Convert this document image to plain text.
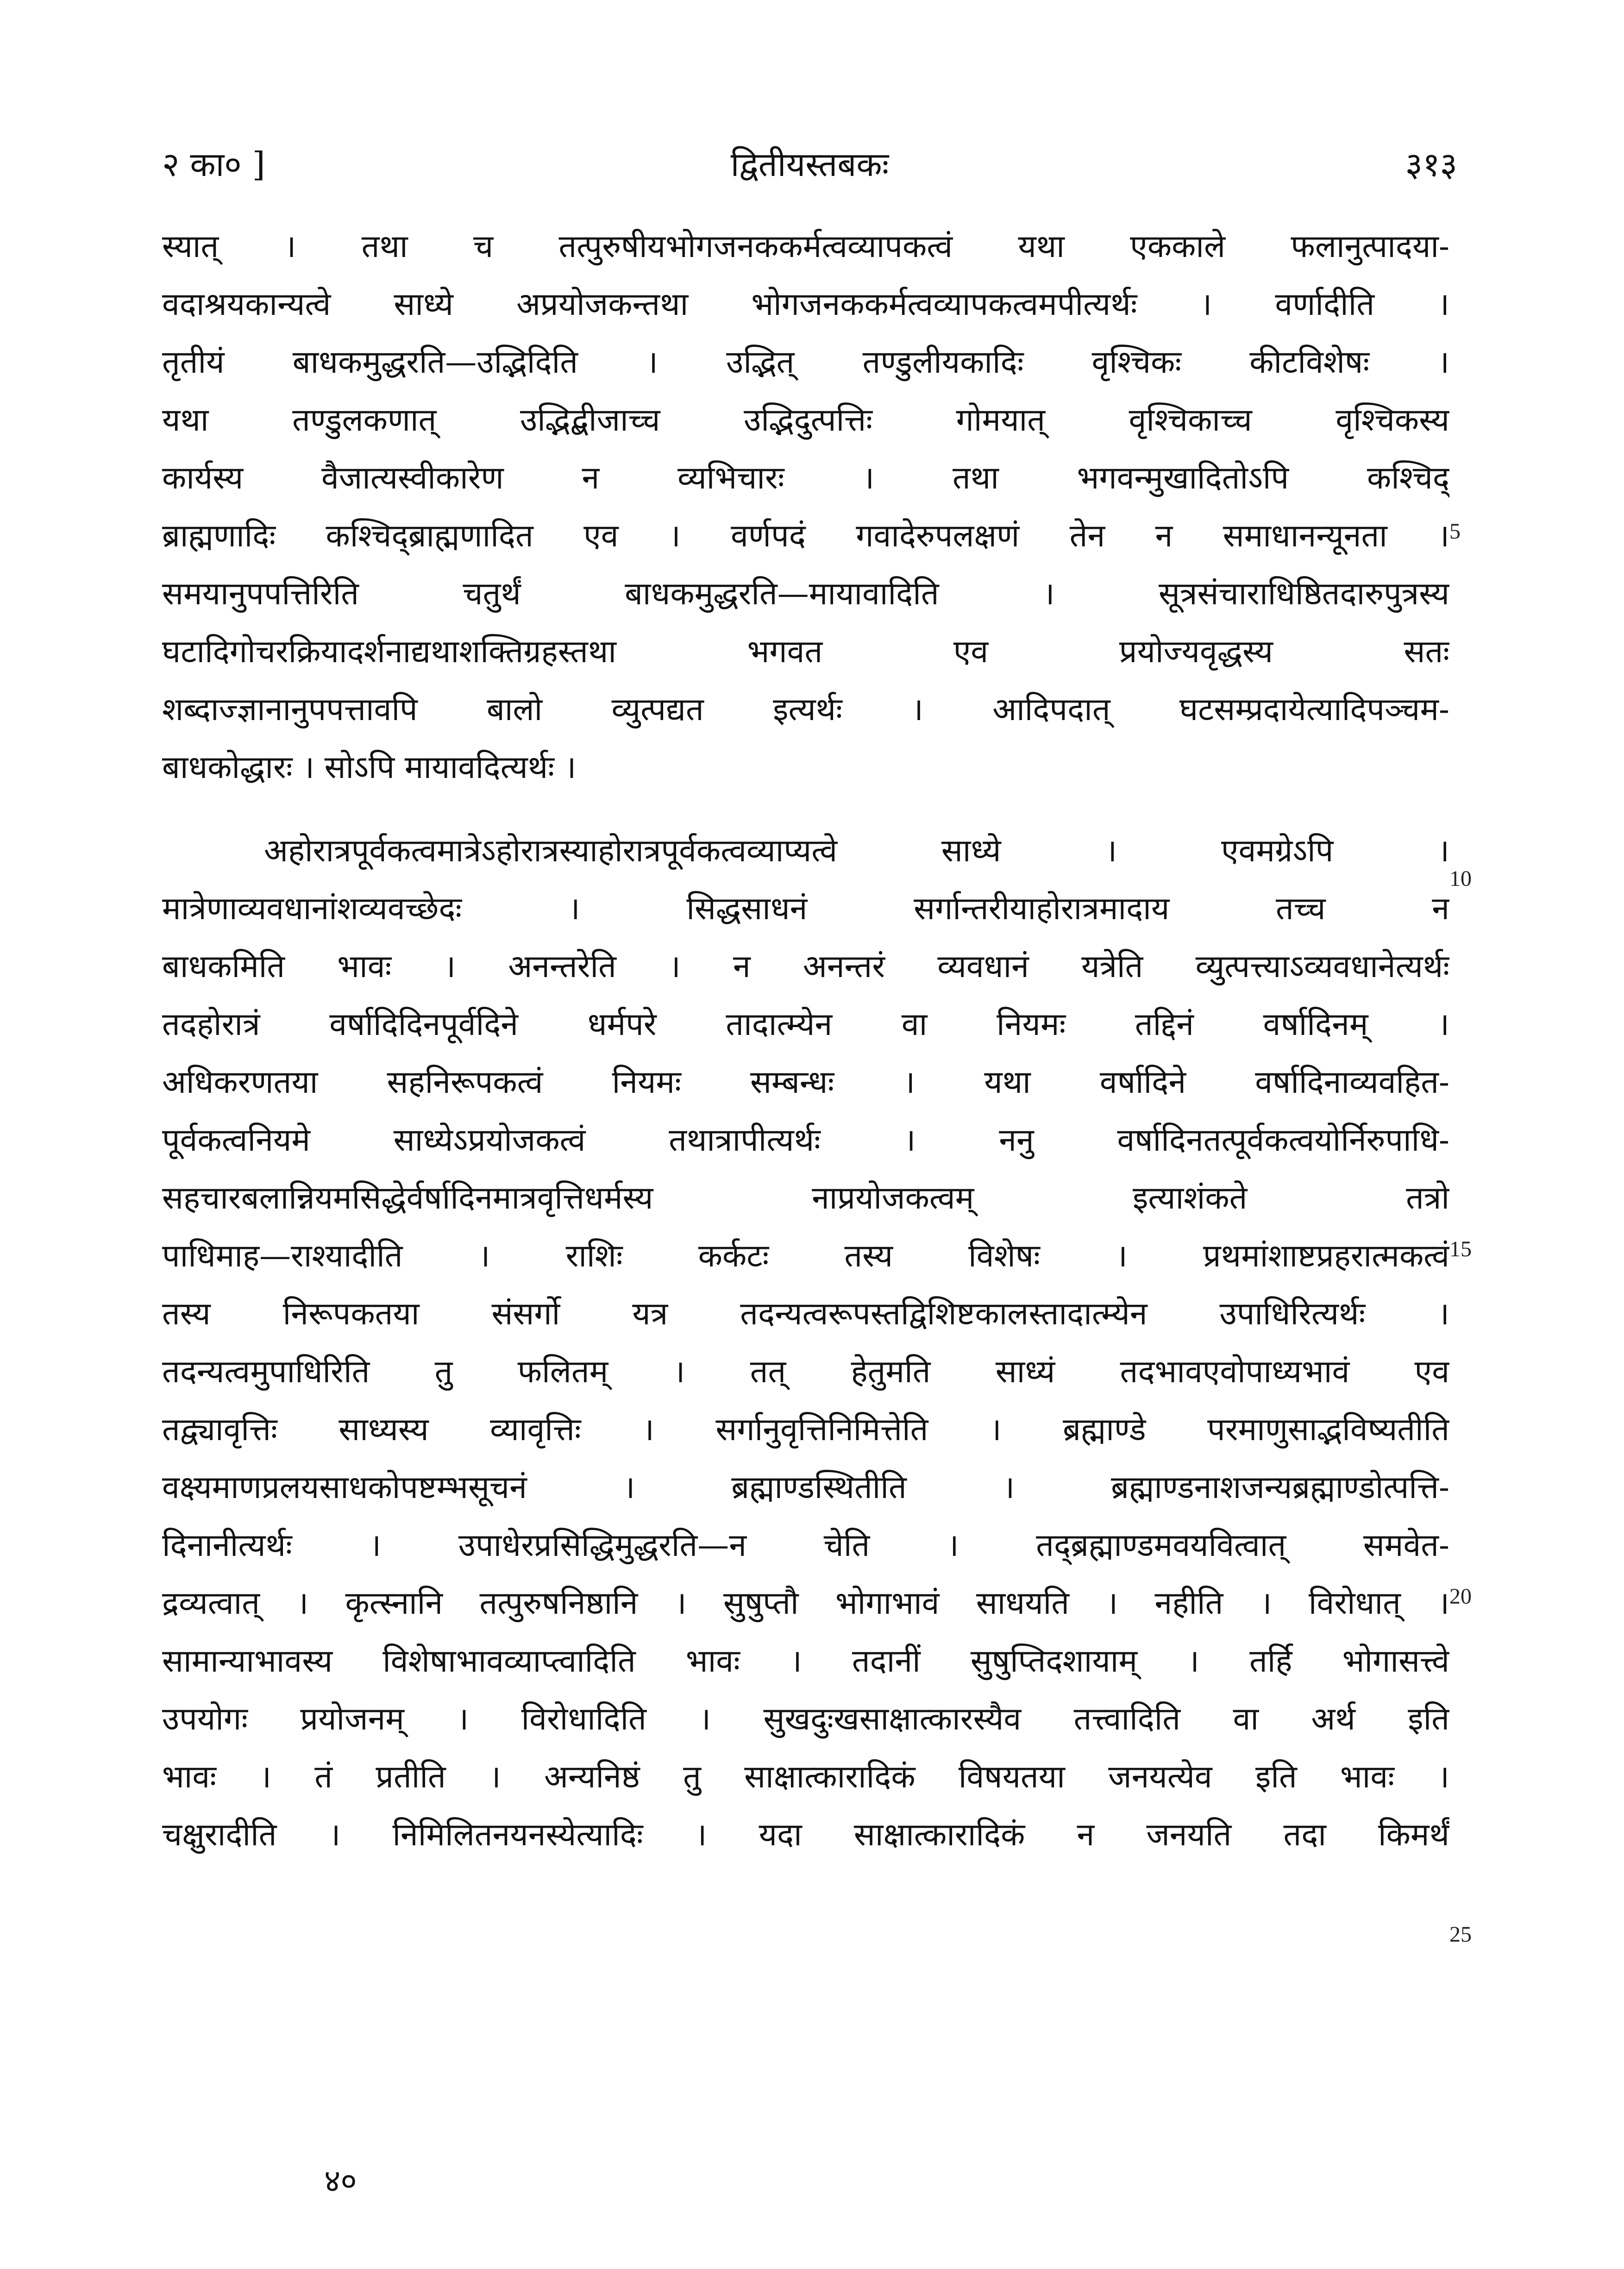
२ का० ]	द्वितीयस्तबकः	३१३
स्यात् । तथा च तत्पुरुषीयभोगजनककर्मत्वव्यापकत्वं यथा एककाले फलानुत्पादया-
वदाश्रयकान्यत्वे साध्ये अप्रयोजकन्तथा भोगजनककर्मत्वव्यापकत्वमपीत्यर्थः । वर्णादीति ।
तृतीयं बाधकमुद्धरति—उद्भिदिति । उद्भित् तण्डुलीयकादिः वृश्चिकः कीटविशेषः ।
यथा तण्डुलकणात् उद्भिद्बीजाच्च उद्भिदुत्पत्तिः गोमयात् वृश्चिकाच्च वृश्चिकस्य
कार्यस्य वैजात्यस्वीकारेण न व्यभिचारः । तथा भगवन्मुखादितोऽपि कश्चिद्
ब्राह्मणादिः कश्चिद्ब्राह्मणादित एव । वर्णपदं गवादेरुपलक्षणं तेन न समाधानन्यूनता ।
समयानुपपत्तिरिति चतुर्थं बाधकमुद्धरति—मायावादिति । सूत्रसंचाराधिष्ठितदारुपुत्रस्य
घटादिगोचरक्रियादर्शनाद्यथाशक्तिग्रहस्तथा भगवत एव प्रयोज्यवृद्धस्य सतः
शब्दाज्ज्ञानानुपपत्तावपि बालो व्युत्पद्यत इत्यर्थः । आदिपदात् घटसम्प्रदायेत्यादिपञ्चम-
बाधकोद्धारः । सोऽपि मायावदित्यर्थः ।
अहोरात्रपूर्वकत्वमात्रेऽहोरात्रस्याहोरात्रपूर्वकत्वव्याप्यत्वे साध्ये । एवमग्रेऽपि ।
मात्रेणाव्यवधानांशव्यवच्छेदः । सिद्धसाधनं सर्गान्तरीयाहोरात्रमादाय तच्च न
बाधकमिति भावः । अनन्तरेति । न अनन्तरं व्यवधानं यत्रेति व्युत्पत्त्याऽव्यवधानेत्यर्थः
तदहोरात्रं वर्षादिदिनपूर्वदिने धर्मपरे तादात्म्येन वा नियमः तद्दिनं वर्षादिनम् ।
अधिकरणतया सहनिरूपकत्वं नियमः सम्बन्धः । यथा वर्षादिने वर्षादिनाव्यवहित-
पूर्वकत्वनियमे साध्येऽप्रयोजकत्वं तथात्रापीत्यर्थः । ननु वर्षादिनतत्पूर्वकत्वयोर्निरुपाधि-
सहचारबलान्नियमसिद्धेर्वर्षादिनमात्रवृत्तिधर्मस्य नाप्रयोजकत्वम् इत्याशंकते तत्रो
पाधिमाह—राश्यादीति । राशिः कर्कटः तस्य विशेषः । प्रथमांशाष्टप्रहरात्मकत्वं
तस्य निरूपकतया संसर्गो यत्र तदन्यत्वरूपस्तद्विशिष्टकालस्तादात्म्येन उपाधिरित्यर्थः ।
तदन्यत्वमुपाधिरिति तु फलितम् । तत् हेतुमति साध्यं तदभावएवोपाध्यभावं एव
तद्व्यावृत्तिः साध्यस्य व्यावृत्तिः । सर्गानुवृत्तिनिमित्तेति । ब्रह्माण्डे परमाणुसाद्भविष्यतीति
वक्ष्यमाणप्रलयसाधकोपष्टम्भसूचनं । ब्रह्माण्डस्थितीति । ब्रह्माण्डनाशजन्यब्रह्माण्डोत्पत्ति-
दिनानीत्यर्थः । उपाधेरप्रसिद्धिमुद्धरति—न चेति । तद्ब्रह्माण्डमवयवित्वात् समवेत-
द्रव्यत्वात् । कृत्स्नानि तत्पुरुषनिष्ठानि । सुषुप्तौ भोगाभावं साधयति । नहीति । विरोधात् ।
सामान्याभावस्य विशेषाभावव्याप्त्वादिति भावः । तदानीं सुषुप्तिदशायाम् । तर्हि भोगासत्त्वे
उपयोगः प्रयोजनम् । विरोधादिति । सुखदुःखसाक्षात्कारस्यैव तत्त्वादिति वा अर्थ इति
भावः । तं प्रतीति । अन्यनिष्ठं तु साक्षात्कारादिकं विषयतया जनयत्येव इति भावः ।
चक्षुरादीति । निमिलितनयनस्येत्यादिः । यदा साक्षात्कारादिकं न जनयति तदा किमर्थं
5
10
15
20
25
४०
